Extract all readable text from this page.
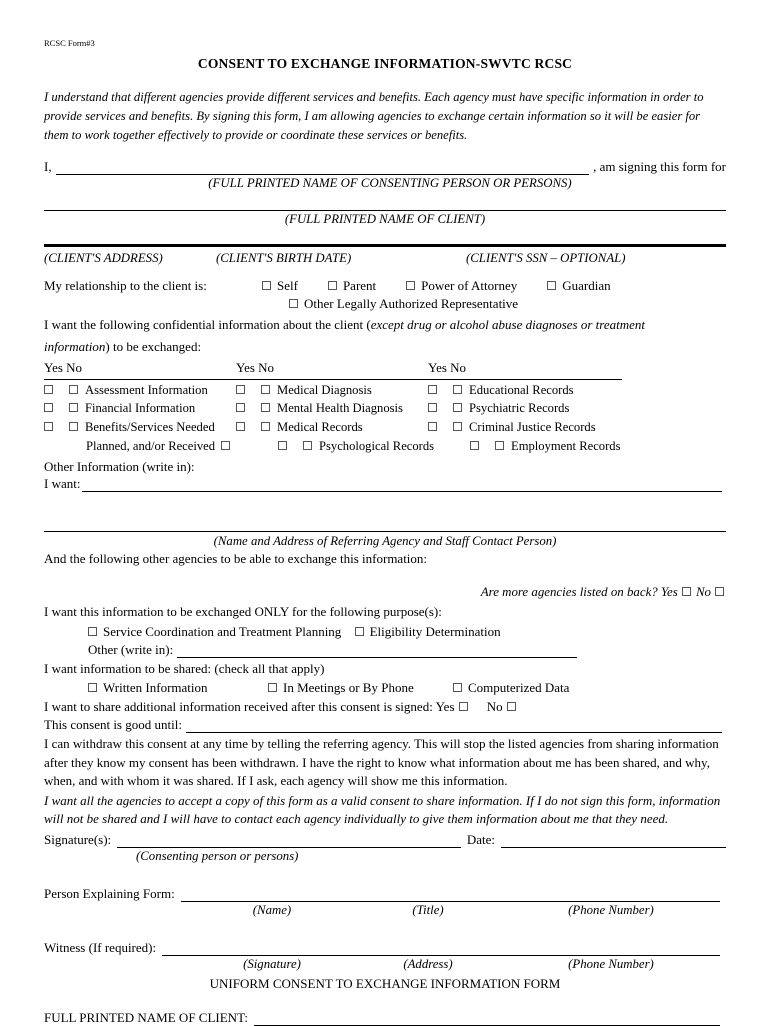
RCSC Form#3
CONSENT TO EXCHANGE INFORMATION-SWVTC RCSC
I understand that different agencies provide different services and benefits. Each agency must have specific information in order to provide services and benefits. By signing this form, I am allowing agencies to exchange certain information so it will be easier for them to work together effectively to provide or coordinate these services or benefits.
I,	, am signing this form for
(FULL PRINTED NAME OF CONSENTING PERSON OR PERSONS)
(FULL PRINTED NAME OF CLIENT)
(CLIENT'S ADDRESS)	(CLIENT'S BIRTH DATE)	(CLIENT'S SSN – OPTIONAL)
My relationship to the client is:	Self	Parent	Power of Attorney	Guardian
Other Legally Authorized Representative
I want the following confidential information about the client (except drug or alcohol abuse diagnoses or treatment
information) to be exchanged:
Yes No	Yes No	Yes No
Assessment Information	Medical Diagnosis	Educational Records
Financial Information	Mental Health Diagnosis	Psychiatric Records
Benefits/Services Needed	Medical Records	Criminal Justice Records
Planned, and/or Received	Psychological Records	Employment Records
Other Information (write in):
I want:
(Name and Address of Referring Agency and Staff Contact Person)
And the following other agencies to be able to exchange this information:
Are more agencies listed on back? Yes No
I want this information to be exchanged ONLY for the following purpose(s):
Service Coordination and Treatment Planning Eligibility Determination
Other (write in):
I want information to be shared: (check all that apply)
Written Information	In Meetings or By Phone	Computerized Data
I want to share additional information received after this consent is signed: Yes No
This consent is good until:
I can withdraw this consent at any time by telling the referring agency. This will stop the listed agencies from sharing information after they know my consent has been withdrawn. I have the right to know what information about me has been shared, and why, when, and with whom it was shared. If I ask, each agency will show me this information.
I want all the agencies to accept a copy of this form as a valid consent to share information. If I do not sign this form, information will not be shared and I will have to contact each agency individually to give them information about me that they need.
Signature(s):	Date:
(Consenting person or persons)
Person Explaining Form:
(Name)	(Title)	(Phone Number)
Witness (If required):
(Signature)	(Address)	(Phone Number)
UNIFORM CONSENT TO EXCHANGE INFORMATION FORM
FULL PRINTED NAME OF CLIENT:
